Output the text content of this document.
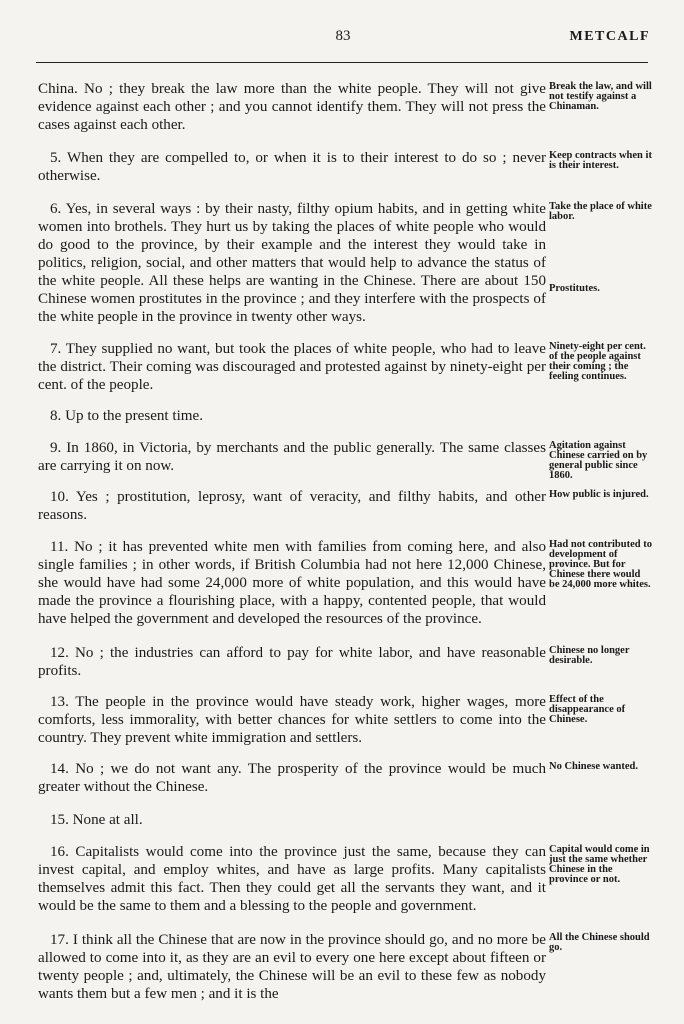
83	METCALF
China. No ; they break the law more than the white people. They will not give evidence against each other ; and you cannot identify them. They will not press the cases against each other.
Break the law, and will not testify against a Chinaman.
5. When they are compelled to, or when it is to their interest to do so ; never otherwise.
Keep contracts when it is their interest.
6. Yes, in several ways : by their nasty, filthy opium habits, and in getting white women into brothels. They hurt us by taking the places of white people who would do good to the province, by their example and the interest they would take in politics, religion, social, and other matters that would help to advance the status of the white people. All these helps are wanting in the Chinese. There are about 150 Chinese women prostitutes in the province ; and they interfere with the prospects of the white people in the province in twenty other ways.
Take the place of white labor.
Prostitutes.
7. They supplied no want, but took the places of white people, who had to leave the district. Their coming was discouraged and protested against by ninety-eight per cent. of the people.
Ninety-eight per cent. of the people against their coming ; the feeling continues.
8. Up to the present time.
9. In 1860, in Victoria, by merchants and the public generally. The same classes are carrying it on now.
Agitation against Chinese carried on by general public since 1860.
10. Yes ; prostitution, leprosy, want of veracity, and filthy habits, and other reasons.
How public is injured.
11. No ; it has prevented white men with families from coming here, and also single families ; in other words, if British Columbia had not here 12,000 Chinese, she would have had some 24,000 more of white population, and this would have made the province a flourishing place, with a happy, contented people, that would have helped the government and developed the resources of the province.
Had not contributed to development of province. But for Chinese there would be 24,000 more whites.
12. No ; the industries can afford to pay for white labor, and have reasonable profits.
Chinese no longer desirable.
13. The people in the province would have steady work, higher wages, more comforts, less immorality, with better chances for white settlers to come into the country. They prevent white immigration and settlers.
Effect of the disappearance of Chinese.
14. No ; we do not want any. The prosperity of the province would be much greater without the Chinese.
No Chinese wanted.
15. None at all.
16. Capitalists would come into the province just the same, because they can invest capital, and employ whites, and have as large profits. Many capitalists themselves admit this fact. Then they could get all the servants they want, and it would be the same to them and a blessing to the people and government.
Capital would come in just the same whether Chinese in the province or not.
17. I think all the Chinese that are now in the province should go, and no more be allowed to come into it, as they are an evil to every one here except about fifteen or twenty people ; and, ultimately, the Chinese will be an evil to these few as nobody wants them but a few men ; and it is the
All the Chinese should go.
